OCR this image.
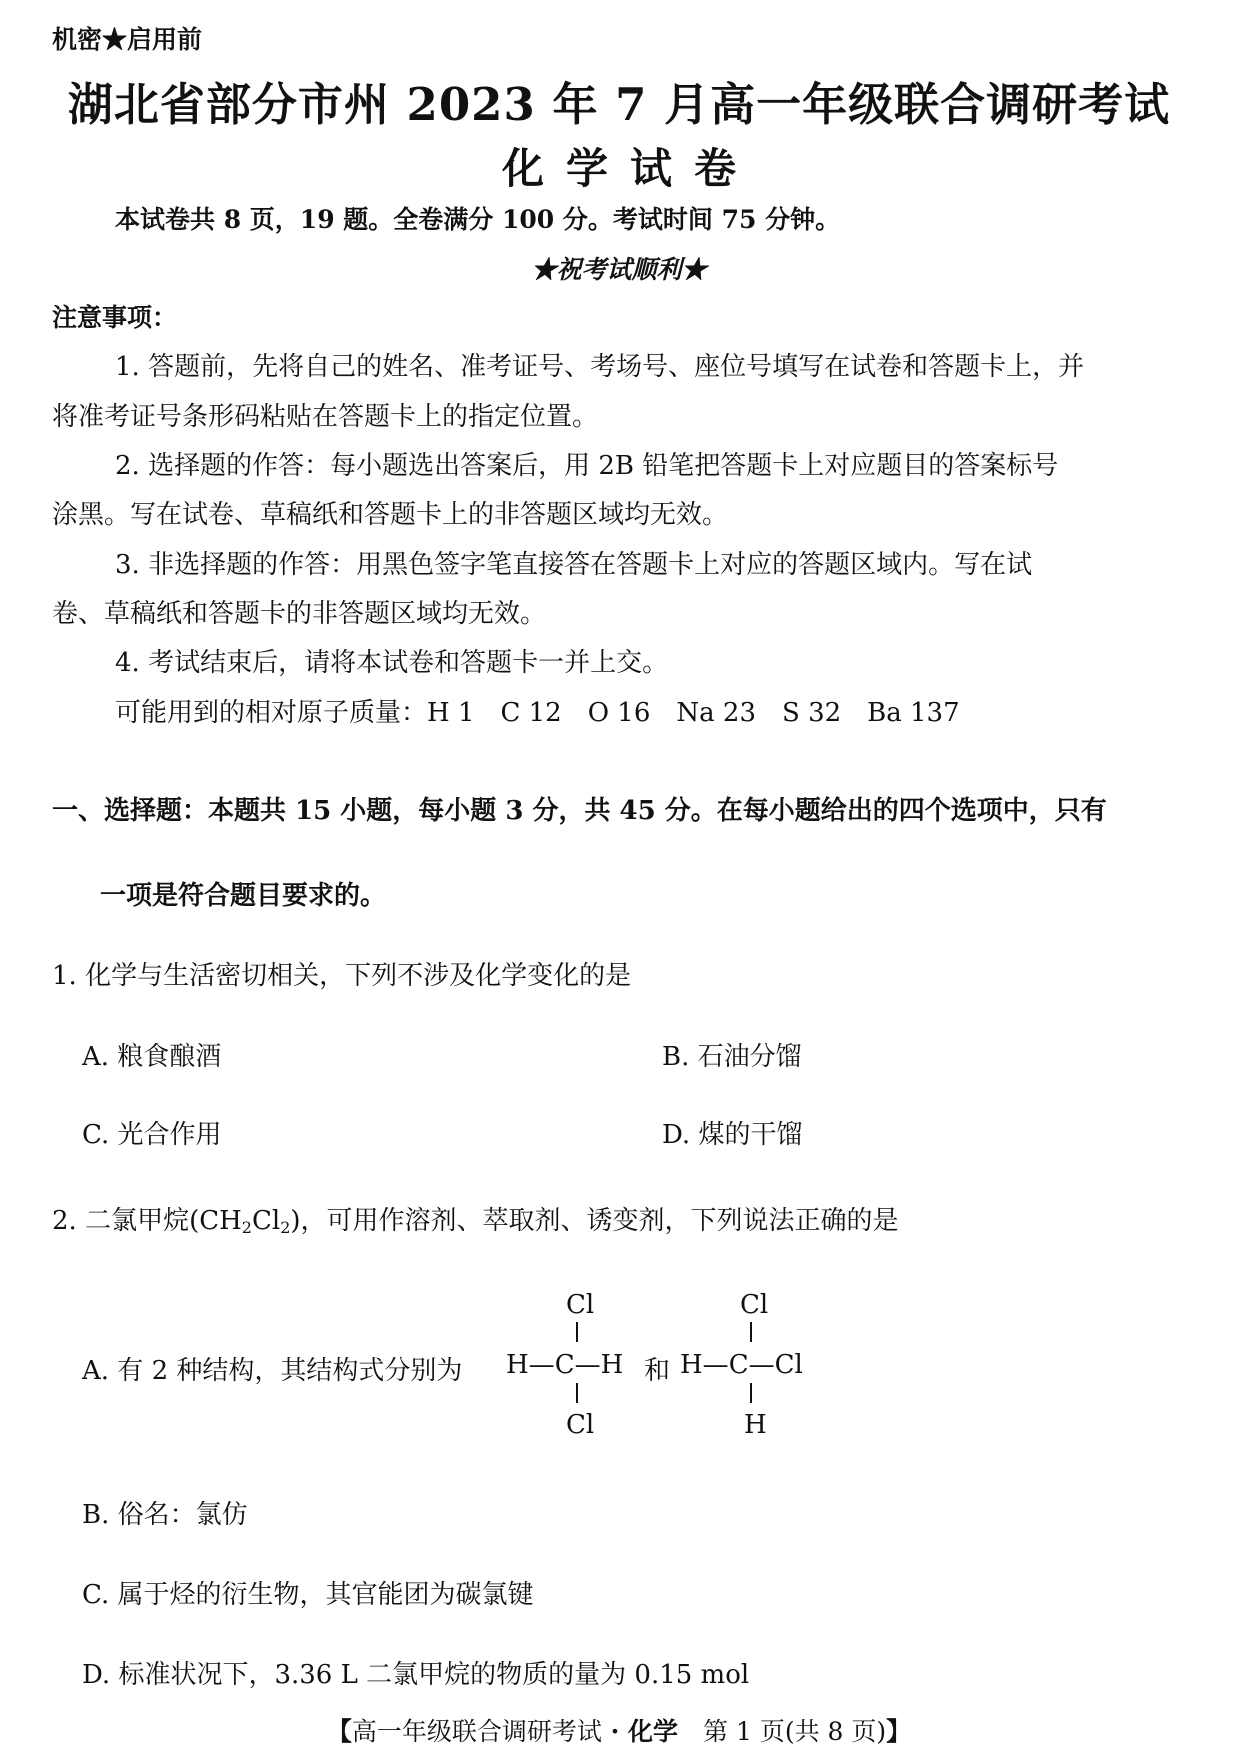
机密★启用前
湖北省部分市州 2023 年 7 月高一年级联合调研考试
化学试卷
本试卷共 8 页，19 题。全卷满分 100 分。考试时间 75 分钟。
★祝考试顺利★
注意事项：
1. 答题前，先将自己的姓名、准考证号、考场号、座位号填写在试卷和答题卡上，并
将准考证号条形码粘贴在答题卡上的指定位置。
2. 选择题的作答：每小题选出答案后，用 2B 铅笔把答题卡上对应题目的答案标号
涂黑。写在试卷、草稿纸和答题卡上的非答题区域均无效。
3. 非选择题的作答：用黑色签字笔直接答在答题卡上对应的答题区域内。写在试
卷、草稿纸和答题卡的非答题区域均无效。
4. 考试结束后，请将本试卷和答题卡一并上交。
可能用到的相对原子质量：H 1　C 12　O 16　Na 23　S 32　Ba 137
一、选择题：本题共 15 小题，每小题 3 分，共 45 分。在每小题给出的四个选项中，只有
一项是符合题目要求的。
1. 化学与生活密切相关，下列不涉及化学变化的是
A. 粮食酿酒	B. 石油分馏
C. 光合作用	D. 煤的干馏
2. 二氯甲烷$(CH_2Cl_2)$，可用作溶剂、萃取剂、诱变剂，下列说法正确的是
A. 有 2 种结构，其结构式分别为 H—C—H
Cl
Cl
和 H—C—Cl
Cl
H
B. 俗名：氯仿
C. 属于烃的衍生物，其官能团为碳氯键
D. 标准状况下，3.36 L 二氯甲烷的物质的量为 0.15 mol
【高一年级联合调研考试 · 化学　第 1 页(共 8 页)】
